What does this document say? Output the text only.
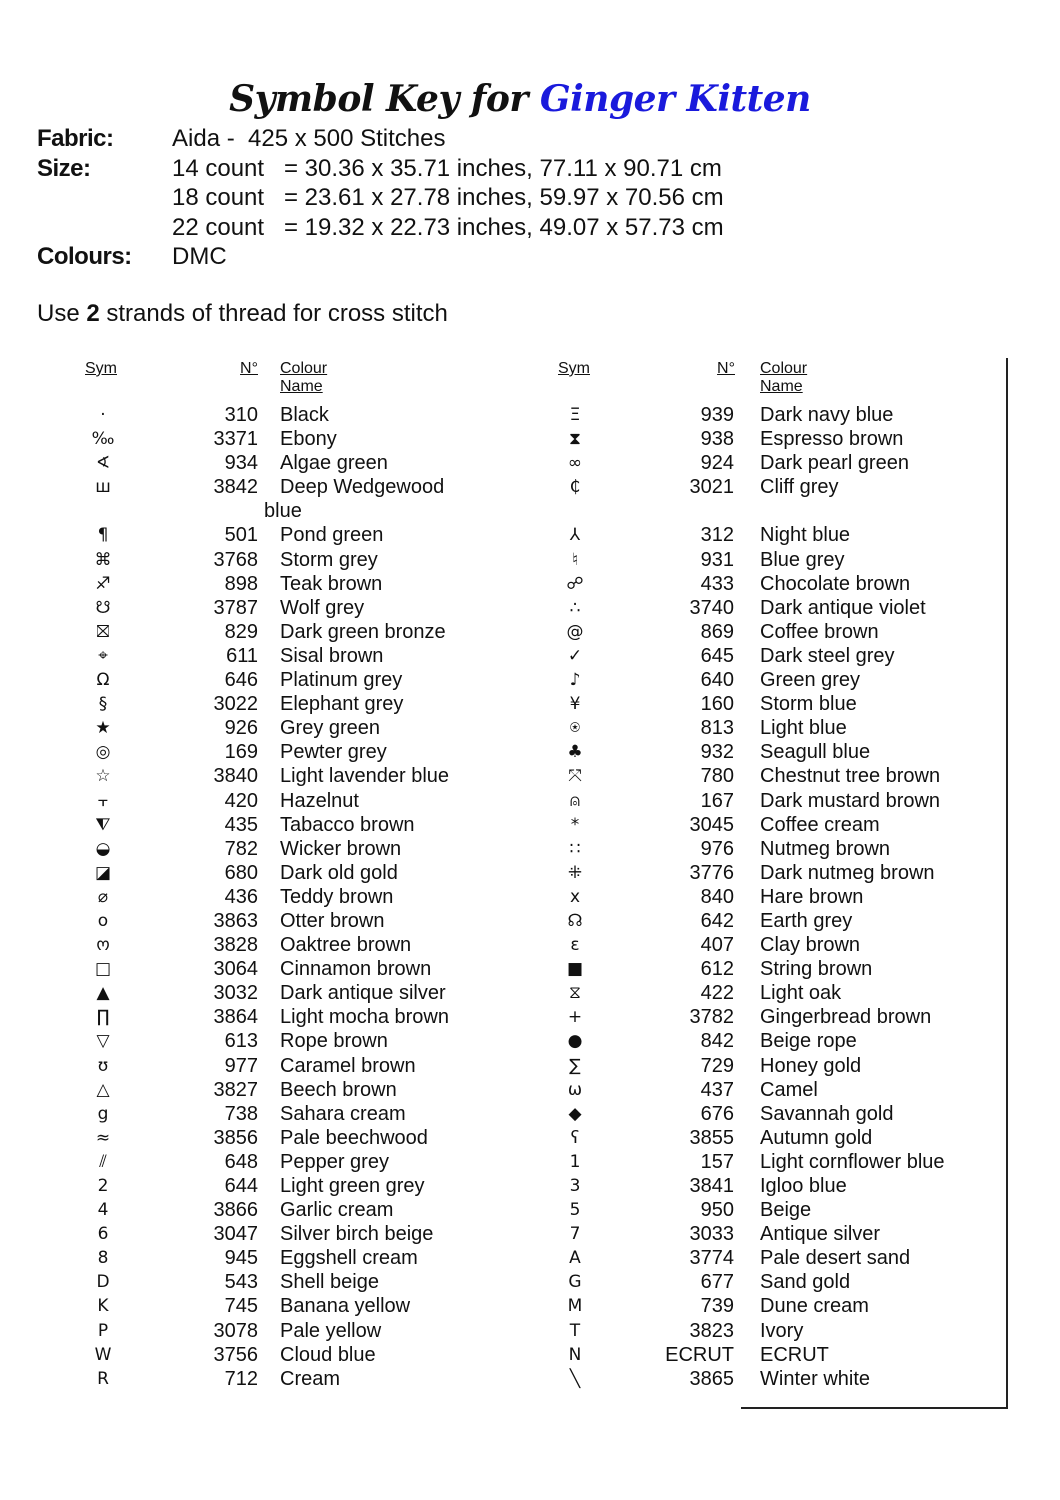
Symbol Key for Ginger Kitten
Fabric: Aida -  425 x 500 Stitches
Size:	14 count = 30.36 x 35.71 inches, 77.11 x 90.71 cm
18 count = 23.61 x 27.78 inches, 59.97 x 70.56 cm
22 count = 19.32 x 22.73 inches, 49.07 x 57.73 cm
Colours: DMC
Use 2 strands of thread for cross stitch
Sym	N° Colour Name
·	310 Black
‰	3371 Ebony
∢	934 Algae green
ш	3842 Deep Wedgewood
blue
¶	501 Pond green
⌘	3768 Storm grey
♐	898 Teak brown
☋	3787 Wolf grey
⛝	829 Dark green bronze
⌖	611 Sisal brown
Ω	646 Platinum grey
§	3022 Elephant grey
★	926 Grey green
◎	169 Pewter grey
☆	3840 Light lavender blue
⫟	420 Hazelnut
⧨	435 Tabacco brown
◒	782 Wicker brown
◪	680 Dark old gold
⌀	436 Teddy brown
o	3863 Otter brown
ო	3828 Oaktree brown
□	3064 Cinnamon brown
▲	3032 Dark antique silver
∏	3864 Light mocha brown
▽	613 Rope brown
ʊ	977 Caramel brown
△	3827 Beech brown
g	738 Sahara cream
≈	3856 Pale beechwood
⫽	648 Pepper grey
2	644 Light green grey
4	3866 Garlic cream
6	3047 Silver birch beige
8	945 Eggshell cream
D	543 Shell beige
K	745 Banana yellow
P	3078 Pale yellow
W	3756 Cloud blue
R	712 Cream
Sym	N° Colour Name
Ξ	939 Dark navy blue
⧗	938 Espresso brown
∞	924 Dark pearl green
₵	3021 Cliff grey
⅄	312 Night blue
♮	931 Blue grey
☍	433 Chocolate brown
∴	3740 Dark antique violet
@	869 Coffee brown
✓	645 Dark steel grey
♪	640 Green grey
¥	160 Storm blue
⍟	813 Light blue
♣	932 Seagull blue
⤧	780 Chestnut tree brown
⍝	167 Dark mustard brown
*	3045 Coffee cream
∷	976 Nutmeg brown
⁜	3776 Dark nutmeg brown
x	840 Hare brown
☊	642 Earth grey
ɛ	407 Clay brown
■	612 String brown
⧖	422 Light oak
+	3782 Gingerbread brown
●	842 Beige rope
∑	729 Honey gold
ω	437 Camel
◆	676 Savannah gold
ʕ	3855 Autumn gold
1	157 Light cornflower blue
3	3841 Igloo blue
5	950 Beige
7	3033 Antique silver
A	3774 Pale desert sand
G	677 Sand gold
M	739 Dune cream
T	3823 Ivory
N	ECRUT ECRUT
╲	3865 Winter white
